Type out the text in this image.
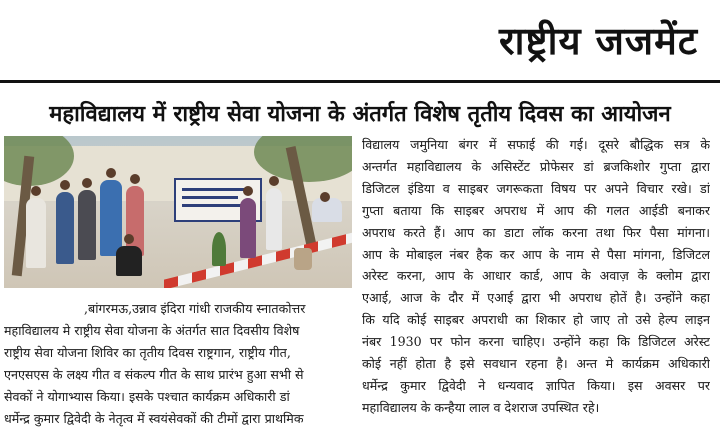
राष्ट्रीय जजमेंट
महाविद्यालय में राष्ट्रीय सेवा योजना के अंतर्गत विशेष तृतीय दिवस का आयोजन
विद्यालय जमुनिया बंगर में सफाई की गई। दूसरे बौद्धिक सत्र के
अन्तर्गत महाविद्यालय के असिस्टेंट प्रोफेसर डां ब्रजकिशोर गुप्ता द्वारा
डिजिटल इंडिया व साइबर जगरूकता विषय पर अपने विचार रखे। डां
गुप्ता बताया कि साइबर अपराध में आप की गलत आईडी बनाकर
अपराध करते हैं। आप का डाटा लॉक करना तथा फिर पैसा मांगना।
आप के मोबाइल नंबर हैक कर आप के नाम से पैसा मांगना, डिजिटल
अरेस्ट करना, आप के आधार कार्ड, आप के अवाज़ के क्लोम द्वारा
एआई, आज के दौर में एआई द्वारा भी अपराध होतें है। उन्होंने कहा
कि यदि कोई साइबर अपराधी का शिकार हो जाए तो उसे हेल्प लाइन
नंबर 1930 पर फोन करना चाहिए। उन्होंने कहा कि डिजिटल अरेस्ट
कोई नहीं होता है इसे सवधान रहना है। अन्त मे कार्यक्रम अधिकारी
धर्मेन्द्र कुमार द्विवेदी ने धन्यवाद ज्ञापित किया। इस अवसर पर
महाविद्यालय के कन्हैया लाल व देशराज उपस्थित रहे।
,बांगरमऊ,उन्नाव इंदिरा गांधी राजकीय स्नातकोत्तर
महाविद्यालय मे राष्ट्रीय सेवा योजना के अंतर्गत सात दिवसीय विशेष
राष्ट्रीय सेवा योजना शिविर का तृतीय दिवस राष्ट्रगान, राष्ट्रीय गीत,
एनएसएस के लक्ष्य गीत व संकल्प गीत के साथ प्रारंभ हुआ सभी से
सेवकों ने योगाभ्यास किया। इसके पश्चात कार्यक्रम अधिकारी डां
धर्मेन्द्र कुमार द्विवेदी के नेतृत्व में स्वयंसेवकों की टीमों द्वारा प्राथमिक
